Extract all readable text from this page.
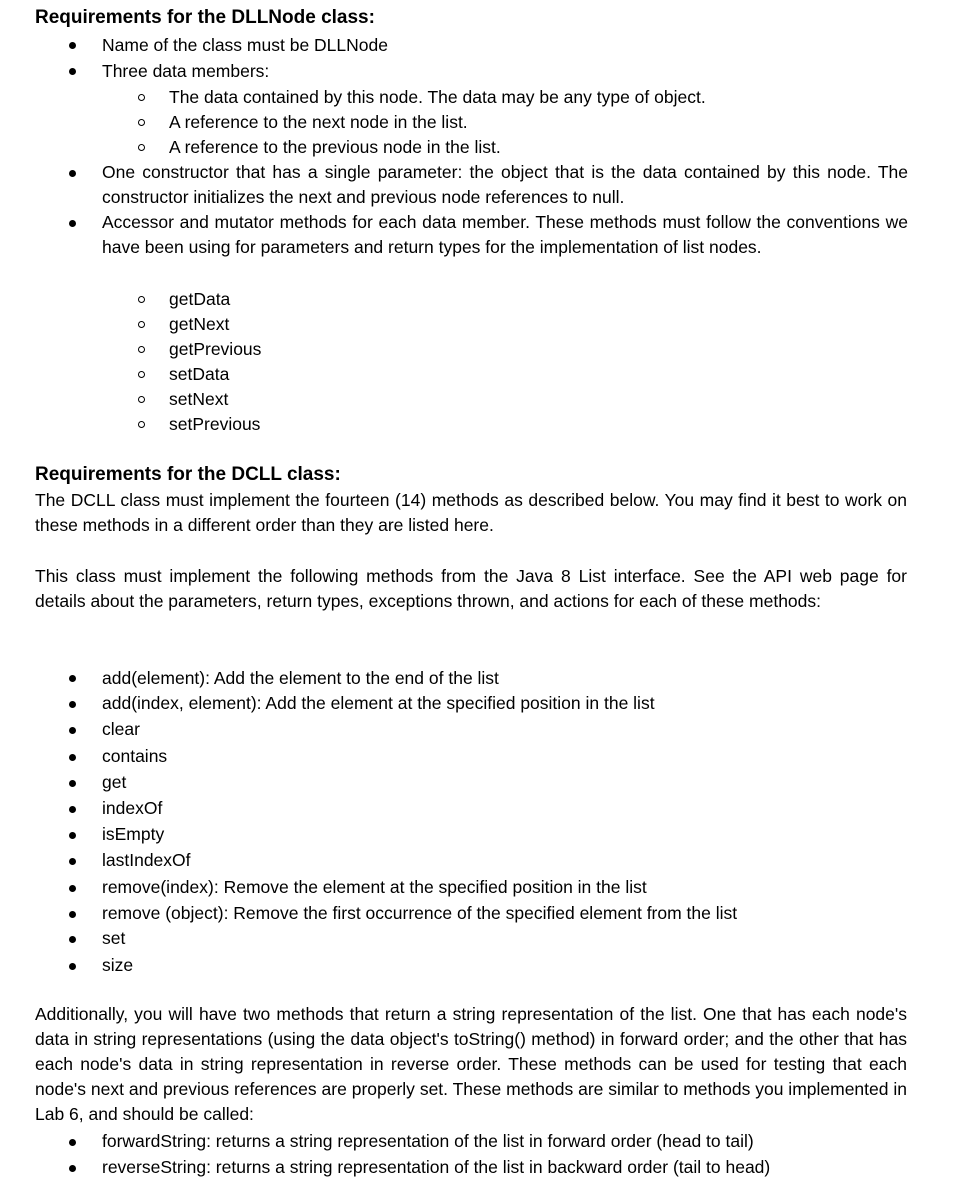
Requirements for the DLLNode class:
Name of the class must be DLLNode
Three data members:
The data contained by this node. The data may be any type of object.
A reference to the next node in the list.
A reference to the previous node in the list.
One constructor that has a single parameter: the object that is the data contained by this node. The constructor initializes the next and previous node references to null.
Accessor and mutator methods for each data member. These methods must follow the conventions we have been using for parameters and return types for the implementation of list nodes.
getData
getNext
getPrevious
setData
setNext
setPrevious
Requirements for the DCLL class:
The DCLL class must implement the fourteen (14) methods as described below. You may find it best to work on these methods in a different order than they are listed here.
This class must implement the following methods from the Java 8 List interface. See the API web page for details about the parameters, return types, exceptions thrown, and actions for each of these methods:
add(element): Add the element to the end of the list
add(index, element): Add the element at the specified position in the list
clear
contains
get
indexOf
isEmpty
lastIndexOf
remove(index): Remove the element at the specified position in the list
remove (object): Remove the first occurrence of the specified element from the list
set
size
Additionally, you will have two methods that return a string representation of the list. One that has each node's data in string representations (using the data object's toString() method) in forward order; and the other that has each node's data in string representation in reverse order. These methods can be used for testing that each node's next and previous references are properly set. These methods are similar to methods you implemented in Lab 6, and should be called:
forwardString: returns a string representation of the list in forward order (head to tail)
reverseString: returns a string representation of the list in backward order (tail to head)
